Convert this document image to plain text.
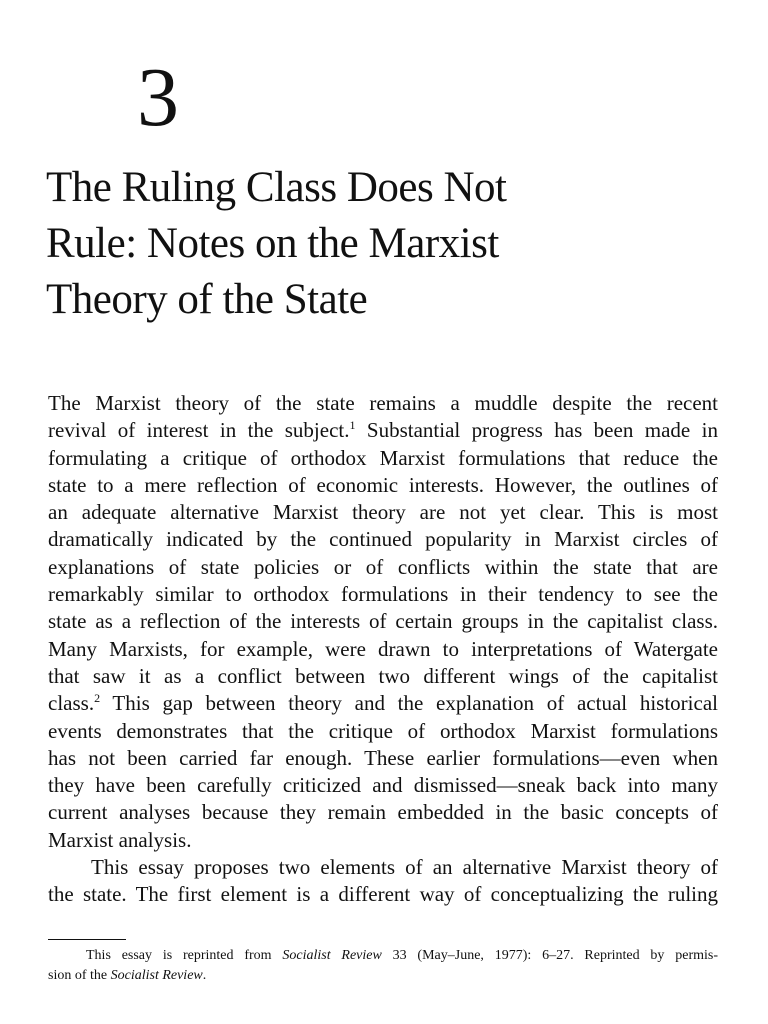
3
The Ruling Class Does Not
Rule: Notes on the Marxist
Theory of the State
The Marxist theory of the state remains a muddle despite the recent
revival of interest in the subject.$^1$ Substantial progress has been made in
formulating a critique of orthodox Marxist formulations that reduce the
state to a mere reflection of economic interests. However, the outlines of
an adequate alternative Marxist theory are not yet clear. This is most
dramatically indicated by the continued popularity in Marxist circles of
explanations of state policies or of conflicts within the state that are
remarkably similar to orthodox formulations in their tendency to see the
state as a reflection of the interests of certain groups in the capitalist class.
Many Marxists, for example, were drawn to interpretations of Watergate
that saw it as a conflict between two different wings of the capitalist
class.$^2$ This gap between theory and the explanation of actual historical
events demonstrates that the critique of orthodox Marxist formulations
has not been carried far enough. These earlier formulations—even when
they have been carefully criticized and dismissed—sneak back into many
current analyses because they remain embedded in the basic concepts of
Marxist analysis.
This essay proposes two elements of an alternative Marxist theory of
the state. The first element is a different way of conceptualizing the ruling
This essay is reprinted from Socialist Review 33 (May–June, 1977): 6–27. Reprinted by permis-
sion of the Socialist Review.
